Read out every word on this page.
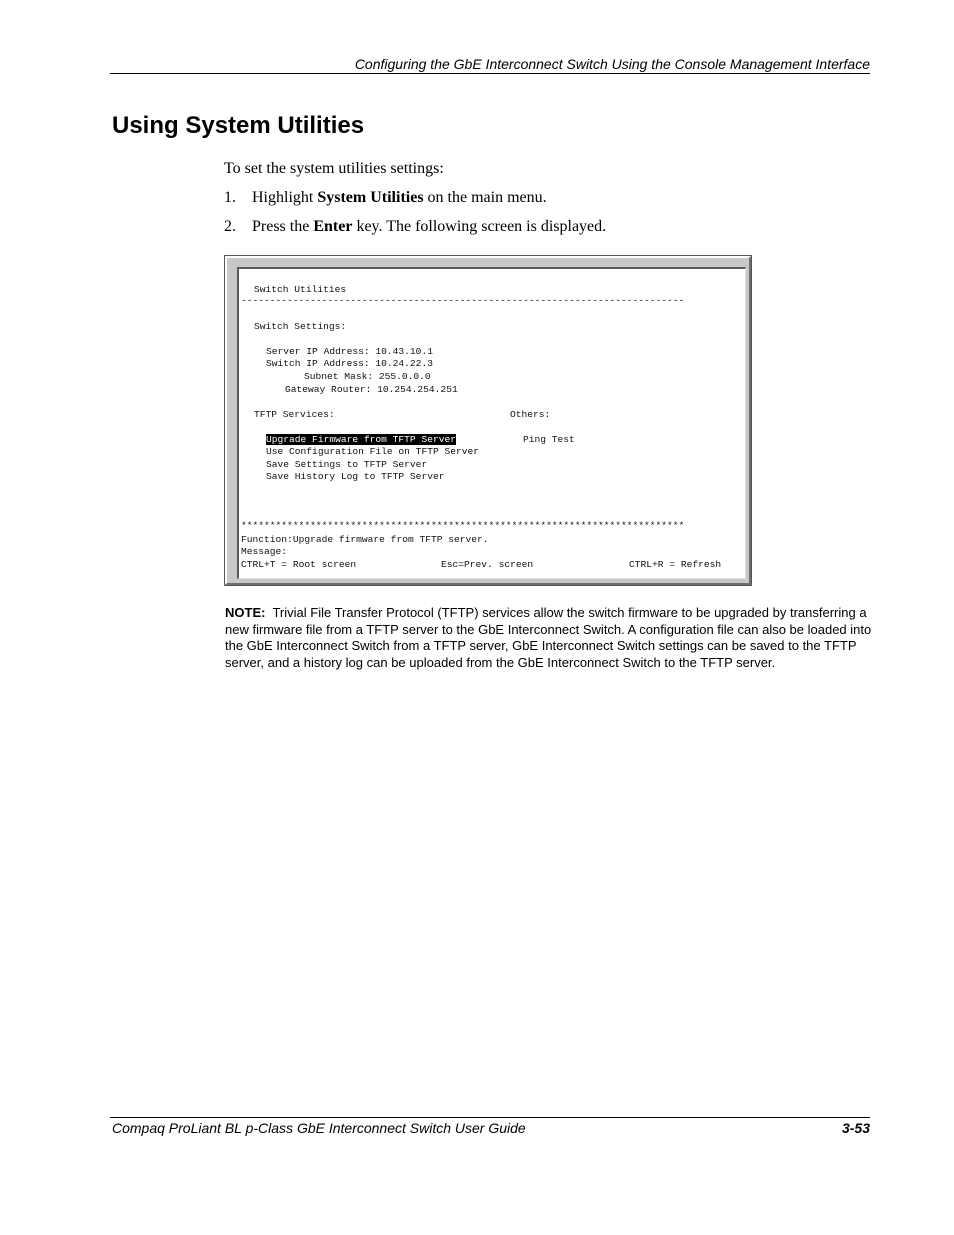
Configuring the GbE Interconnect Switch Using the Console Management Interface
Using System Utilities
To set the system utilities settings:
1. Highlight System Utilities on the main menu.
2. Press the Enter key. The following screen is displayed.
Switch Utilities
-----------------------------------------------------------------------------
Switch Settings:
Server IP Address: 10.43.10.1
Switch IP Address: 10.24.22.3
Subnet Mask: 255.0.0.0
Gateway Router: 10.254.254.251
TFTP Services:	Others:
Upgrade Firmware from TFTP Server	Ping Test
Use Configuration File on TFTP Server
Save Settings to TFTP Server
Save History Log to TFTP Server
*****************************************************************************
Function:Upgrade firmware from TFTP server.
Message:
CTRL+T = Root screen	Esc=Prev. screen	CTRL+R = Refresh
NOTE: Trivial File Transfer Protocol (TFTP) services allow the switch firmware to be upgraded by transferring a new firmware file from a TFTP server to the GbE Interconnect Switch. A configuration file can also be loaded into the GbE Interconnect Switch from a TFTP server, GbE Interconnect Switch settings can be saved to the TFTP server, and a history log can be uploaded from the GbE Interconnect Switch to the TFTP server.
Compaq ProLiant BL p-Class GbE Interconnect Switch User Guide	3-53
